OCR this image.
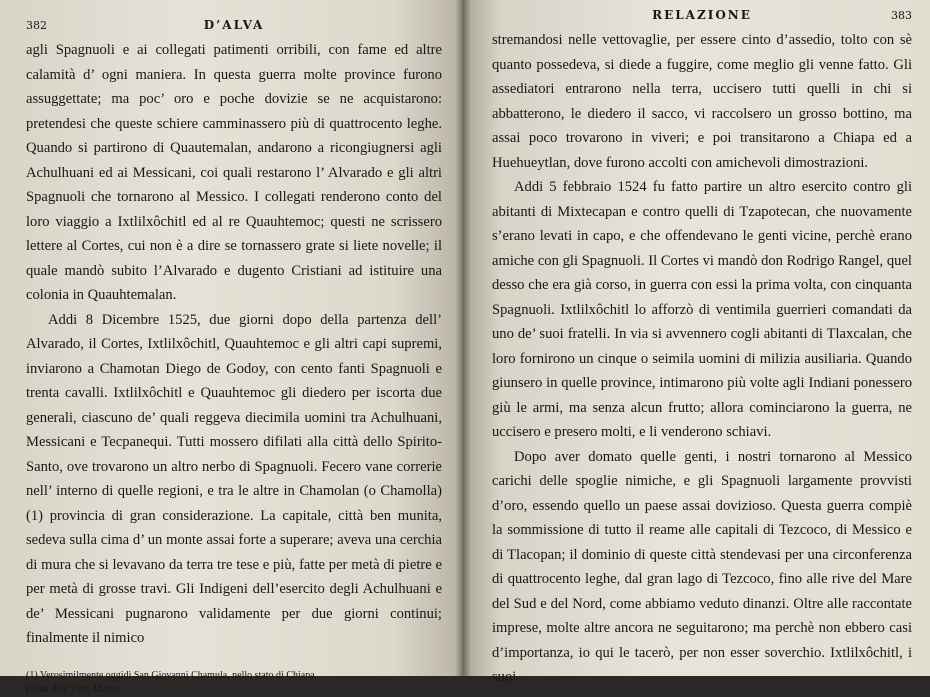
382	D’ALVA

agli Spagnuoli e ai collegati patimenti orribili, con fame ed altre calamità d’ ogni maniera. In questa guerra molte province furono assuggettate; ma poc’ oro e poche dovizie se ne acquistarono: pretendesi che queste schiere camminassero più di quattrocento leghe. Quando si partirono di Quautemalan, andarono a ricongiugnersi agli Achulhuani ed ai Messicani, coi quali restarono l’ Alvarado e gli altri Spagnuoli che tornarono al Messico. I collegati renderono conto del loro viaggio a Ixtlilxôchitl ed al re Quauhtemoc; questi ne scrissero lettere al Cortes, cui non è a dire se tornassero grate si liete novelle; il quale mandò subito l’Alvarado e dugento Cristiani ad istituire una colonia in Quauhtemalan.

Addi 8 Dicembre 1525, due giorni dopo della partenza dell’ Alvarado, il Cortes, Ixtlilxôchitl, Quauhtemoc e gli altri capi supremi, inviarono a Chamotan Diego de Godoy, con cento fanti Spagnuoli e trenta cavalli. Ixtlilxôchitl e Quauhtemoc gli diedero per iscorta due generali, ciascuno de’ quali reggeva diecimila uomini tra Achulhuani, Messicani e Tecpanequi. Tutti mossero difilati alla città dello Spirito-Santo, ove trovarono un altro nerbo di Spagnuoli. Fecero vane correrie nell’ interno di quelle regioni, e tra le altre in Chamolan (o Chamolla) (1) provincia di gran considerazione. La capitale, città ben munita, sedeva sulla cima d’ un monte assai forte a superare; aveva una cerchia di mura che si levavano da terra tre tese e più, fatte per metà di pietre e per metà di grosse travi. Gli Indigeni dell’esercito degli Achulhuani e de’ Messicani pugnarono validamente per due giorni continui; finalmente il nimico

(1) Verosimilmente oggidì San Giovanni Chamula, nello stato di Chiapa.
(Nota dell’ Edit. Mess.)
RELAZIONE	383

stremandosi nelle vettovaglie, per essere cinto d’assedio, tolto con sè quanto possedeva, si diede a fuggire, come meglio gli venne fatto. Gli assediatori entrarono nella terra, uccisero tutti quelli in chi si abbatterono, le diedero il sacco, vi raccolsero un grosso bottino, ma assai poco trovarono in viveri; e poi transitarono a Chiapa ed a Huehueytlan, dove furono accolti con amichevoli dimostrazioni.

Addi 5 febbraio 1524 fu fatto partire un altro esercito contro gli abitanti di Mixtecapan e contro quelli di Tzapotecan, che nuovamente s’erano levati in capo, e che offendevano le genti vicine, perchè erano amiche con gli Spagnuoli. Il Cortes vi mandò don Rodrigo Rangel, quel desso che era già corso, in guerra con essi la prima volta, con cinquanta Spagnuoli. Ixtlilxôchitl lo afforzò di ventimila guerrieri comandati da uno de’ suoi fratelli. In via si avvennero cogli abitanti di Tlaxcalan, che loro fornirono un cinque o seimila uomini di milizia ausiliaria. Quando giunsero in quelle province, intimarono più volte agli Indiani ponessero giù le armi, ma senza alcun frutto; allora cominciarono la guerra, ne uccisero e presero molti, e li venderono schiavi.

Dopo aver domato quelle genti, i nostri tornarono al Messico carichi delle spoglie nimiche, e gli Spagnuoli largamente provvisti d’oro, essendo quello un paese assai dovizioso. Questa guerra compiè la sommissione di tutto il reame alle capitali di Tezcoco, di Messico e di Tlacopan; il dominio di queste città stendevasi per una circonferenza di quattrocento leghe, dal gran lago di Tezcoco, fino alle rive del Mare del Sud e del Nord, come abbiamo veduto dinanzi. Oltre alle raccontate imprese, molte altre ancora ne seguitarono; ma perchè non ebbero casi d’importanza, io qui le tacerò, per non esser soverchio. Ixtlilxôchitl, i suoi
